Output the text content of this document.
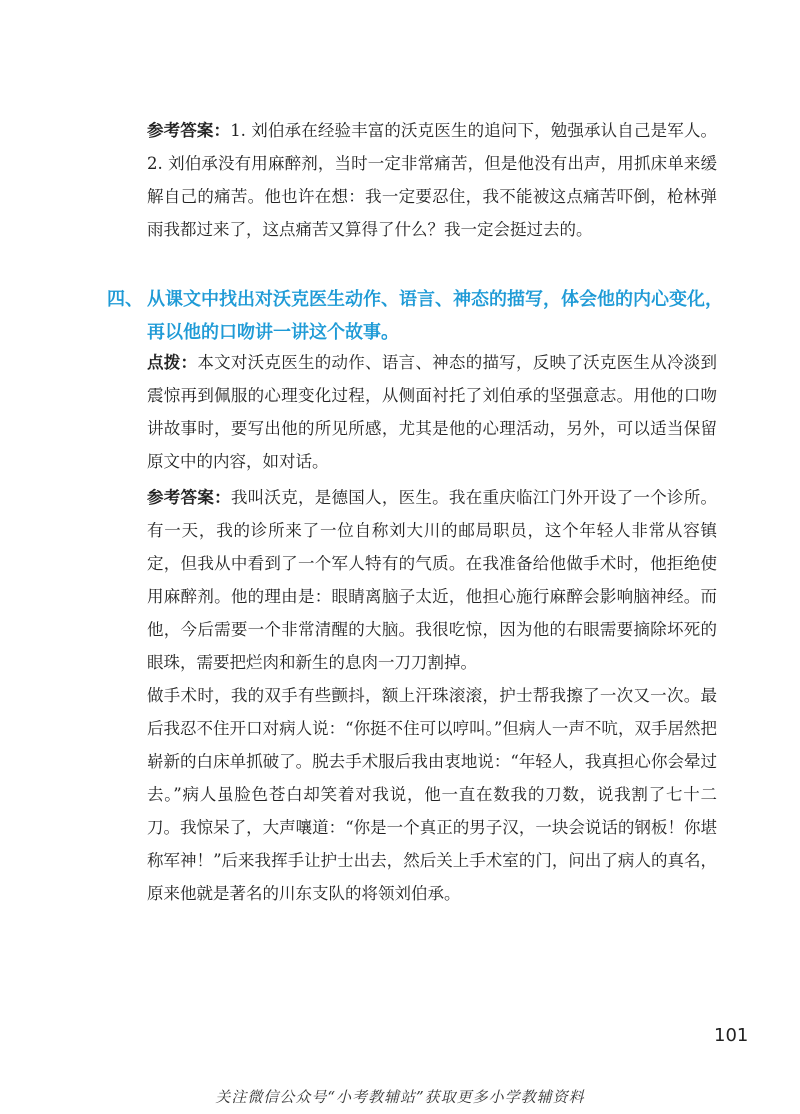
参考答案：1. 刘伯承在经验丰富的沃克医生的追问下，勉强承认自己是军人。2. 刘伯承没有用麻醉剂，当时一定非常痛苦，但是他没有出声，用抓床单来缓解自己的痛苦。他也许在想：我一定要忍住，我不能被这点痛苦吓倒，枪林弹雨我都过来了，这点痛苦又算得了什么？我一定会挺过去的。
四、 从课文中找出对沃克医生动作、语言、神态的描写，体会他的内心变化，
再以他的口吻讲一讲这个故事。
点拨：本文对沃克医生的动作、语言、神态的描写，反映了沃克医生从冷淡到震惊再到佩服的心理变化过程，从侧面衬托了刘伯承的坚强意志。用他的口吻讲故事时，要写出他的所见所感，尤其是他的心理活动，另外，可以适当保留原文中的内容，如对话。
参考答案：我叫沃克，是德国人，医生。我在重庆临江门外开设了一个诊所。有一天，我的诊所来了一位自称刘大川的邮局职员，这个年轻人非常从容镇定，但我从中看到了一个军人特有的气质。在我准备给他做手术时，他拒绝使用麻醉剂。他的理由是：眼睛离脑子太近，他担心施行麻醉会影响脑神经。而他，今后需要一个非常清醒的大脑。我很吃惊，因为他的右眼需要摘除坏死的眼珠，需要把烂肉和新生的息肉一刀刀割掉。
做手术时，我的双手有些颤抖，额上汗珠滚滚，护士帮我擦了一次又一次。最后我忍不住开口对病人说：“你挺不住可以哼叫。”但病人一声不吭，双手居然把崭新的白床单抓破了。脱去手术服后我由衷地说：“年轻人，我真担心你会晕过去。”病人虽脸色苍白却笑着对我说，他一直在数我的刀数，说我割了七十二刀。我惊呆了，大声嚷道：“你是一个真正的男子汉，一块会说话的钢板！你堪称军神！”后来我挥手让护士出去，然后关上手术室的门，问出了病人的真名，原来他就是著名的川东支队的将领刘伯承。
101
关注微信公众号“小考教辅站”获取更多小学教辅资料
